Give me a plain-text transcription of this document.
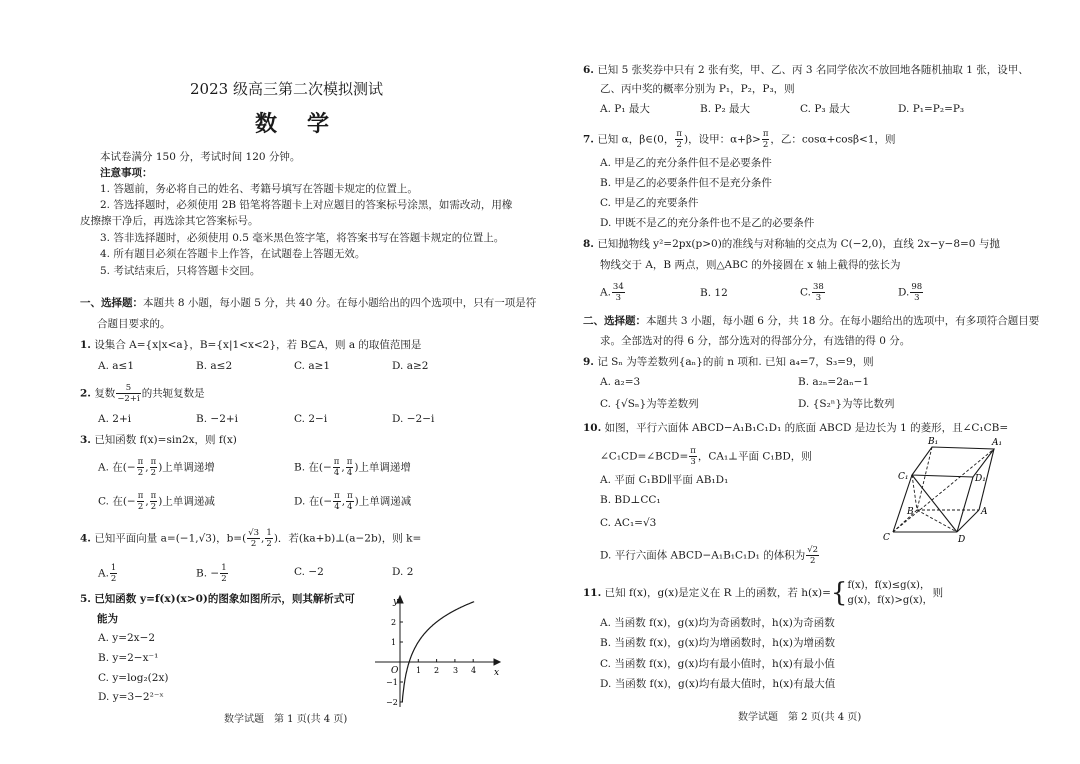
2023 级高三第二次模拟测试
数　学
本试卷满分 150 分，考试时间 120 分钟。
注意事项：
1. 答题前，务必将自己的姓名、考籍号填写在答题卡规定的位置上。
2. 答选择题时，必须使用 2B 铅笔将答题卡上对应题目的答案标号涂黑，如需改动，用橡
皮擦擦干净后，再选涂其它答案标号。
3. 答非选择题时，必须使用 0.5 毫米黑色签字笔，将答案书写在答题卡规定的位置上。
4. 所有题目必须在答题卡上作答，在试题卷上答题无效。
5. 考试结束后，只将答题卡交回。
一、选择题：本题共 8 小题，每小题 5 分，共 40 分。在每小题给出的四个选项中，只有一项是符
合题目要求的。
1. 设集合 A={x|x<a}，B={x|1<x<2}，若 B⊆A，则 a 的取值范围是
A. a≤1	B. a≤2	C. a≥1	D. a≥2
2. 复数 $\frac{5}{-2+i}$ 的共轭复数是
A. 2+i	B. −2+i	C. 2−i	D. −2−i
3. 已知函数 f(x)=sin2x，则 f(x)
A. 在(− $\frac{\pi}{2}$ , $\frac{\pi}{2}$ )上单调递增	B. 在(− $\frac{\pi}{4}$ , $\frac{\pi}{4}$ )上单调递增
C. 在(− $\frac{\pi}{2}$ , $\frac{\pi}{2}$ )上单调递减	D. 在(− $\frac{\pi}{4}$ , $\frac{\pi}{4}$ )上单调递减
4. 已知平面向量 a=(−1,√3)，$b=( \frac{√3}{2}$ , $\frac{1}{2}$ )．若(ka+b)⊥(a−2b)，则 k=
A. $\frac{1}{2}$	B. − $\frac{1}{2}$	C. −2	D. 2
5. 已知函数 y=f(x)(x>0)的图象如图所示，则其解析式可
能为
A. y=2x−2
B. y=2−x⁻¹
C. y=log₂(2x)
D. y=3−2²⁻ˣ
y
x
O 1 2 3 4
2
1
−1
−2
数学试题　第 1 页(共 4 页)
6. 已知 5 张奖券中只有 2 张有奖，甲、乙、丙 3 名同学依次不放回地各随机抽取 1 张，设甲、
乙、丙中奖的概率分别为 P₁，P₂，P₃，则
A. P₁ 最大	B. P₂ 最大	C. P₃ 最大	D. P₁=P₂=P₃
7. 已知 α，β∈(0， $\frac{\pi}{2}$ )，设甲：$\alpha+\beta> \frac{\pi}{2}$ ，乙：cosα+cosβ<1，则
A. 甲是乙的充分条件但不是必要条件
B. 甲是乙的必要条件但不是充分条件
C. 甲是乙的充要条件
D. 甲既不是乙的充分条件也不是乙的必要条件
8. 已知抛物线 y²=2px(p>0)的准线与对称轴的交点为 C(−2,0)，直线 2x−y−8=0 与抛
物线交于 A，B 两点，则△ABC 的外接圆在 x 轴上截得的弦长为
A. $\frac{34}{3}$	B. 12	C. $\frac{38}{3}$	D. $\frac{98}{3}$
二、选择题：本题共 3 小题，每小题 6 分，共 18 分。在每小题给出的选项中，有多项符合题目要
求。全部选对的得 6 分，部分选对的得部分分，有选错的得 0 分。
9. 记 Sₙ 为等差数列{aₙ}的前 n 项和. 已知 a₄=7，S₃=9，则
A. a₂=3	B. a₂ₙ=2aₙ−1
C. {√Sₙ}为等差数列	D. {S₂ⁿ}为等比数列
10. 如图，平行六面体 ABCD−A₁B₁C₁D₁ 的底面 ABCD 是边长为 1 的菱形，且∠C₁CB=
∠C₁CD=∠BCD= $\frac{\pi}{3}$ ，CA₁⊥平面 C₁BD，则
A. 平面 C₁BD∥平面 AB₁D₁
B. BD⊥CC₁
C. AC₁=√3
D. 平行六面体 ABCD−A₁B₁C₁D₁ 的体积为 $\frac{√2}{2}$
B₁	A₁
C₁	D₁
B	A
C	D
11. 已知 f(x)，g(x)是定义在 R 上的函数，若 h(x)={ f(x)，f(x)≤g(x)，
g(x)，f(x)>g(x)，
则
A. 当函数 f(x)，g(x)均为奇函数时，h(x)为奇函数
B. 当函数 f(x)，g(x)均为增函数时，h(x)为增函数
C. 当函数 f(x)，g(x)均有最小值时，h(x)有最小值
D. 当函数 f(x)，g(x)均有最大值时，h(x)有最大值
数学试题　第 2 页(共 4 页)
